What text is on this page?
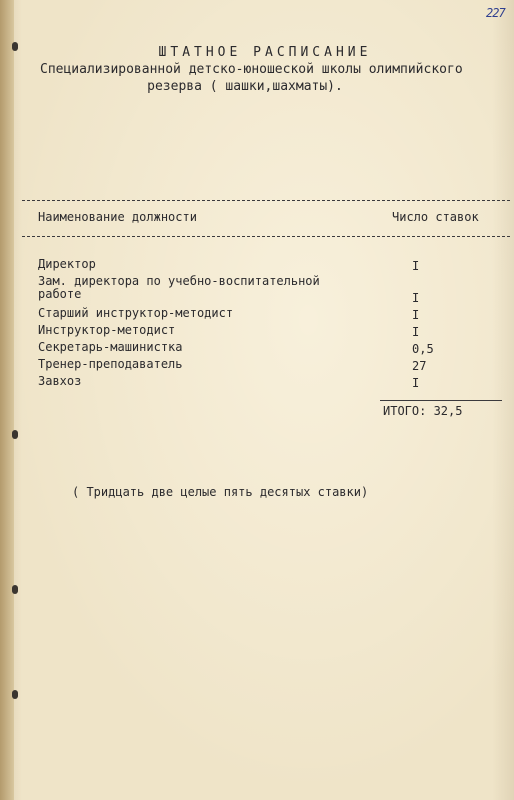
227
ШТАТНОЕ РАСПИСАНИЕ
Специализированной детско-юношеской школы олимпийского
резерва ( шашки,шахматы).
Наименование должности	Число ставок
Директор	I
Зам. директора по учебно-воспитательной работе	I
Старший инструктор-методист	I
Инструктор-методист	I
Секретарь-машинистка	0,5
Тренер-преподаватель	27
Завхоз	I
ИТОГО: 32,5
( Тридцать две целые пять десятых ставки)
